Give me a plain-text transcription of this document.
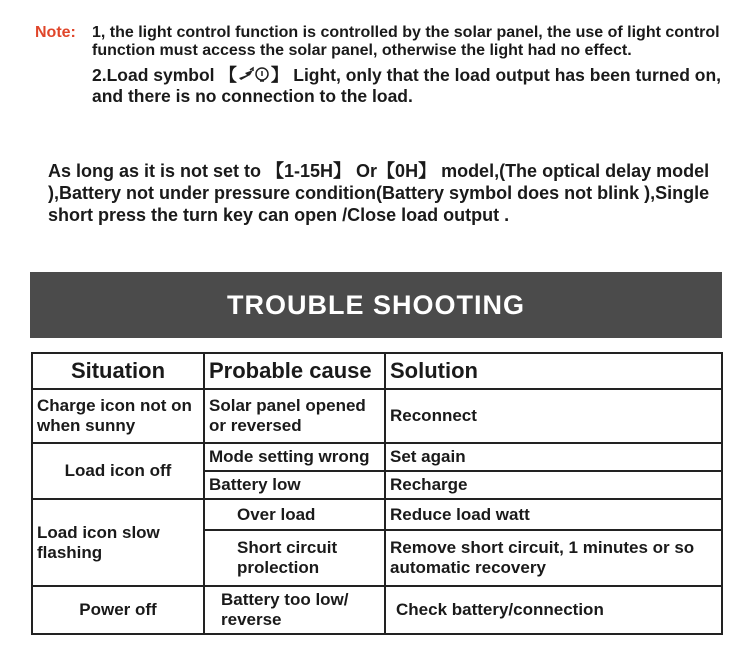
Note: 1, the light control function is controlled by the solar panel, the use of light control function must access the solar panel, otherwise the light had no effect.
2.Load symbol 【 】 Light, only that the load output has been turned on, and there is no connection to the load.
As long as it is not set to 【1-15H】 Or【0H】 model,(The optical delay model ),Battery not under pressure condition(Battery symbol does not blink ),Single short press the turn key can open /Close load output .
TROUBLE SHOOTING
Situation	Probable cause	Solution
Charge icon not on when sunny	Solar panel opened or reversed	Reconnect
Load icon off	Mode setting wrong	Set again
	Battery low	Recharge
Load icon slow flashing	Over load	Reduce load watt
	Short circuit prolection	Remove short circuit, 1 minutes or so automatic recovery
Power off	Battery too low/ reverse	Check battery/connection
